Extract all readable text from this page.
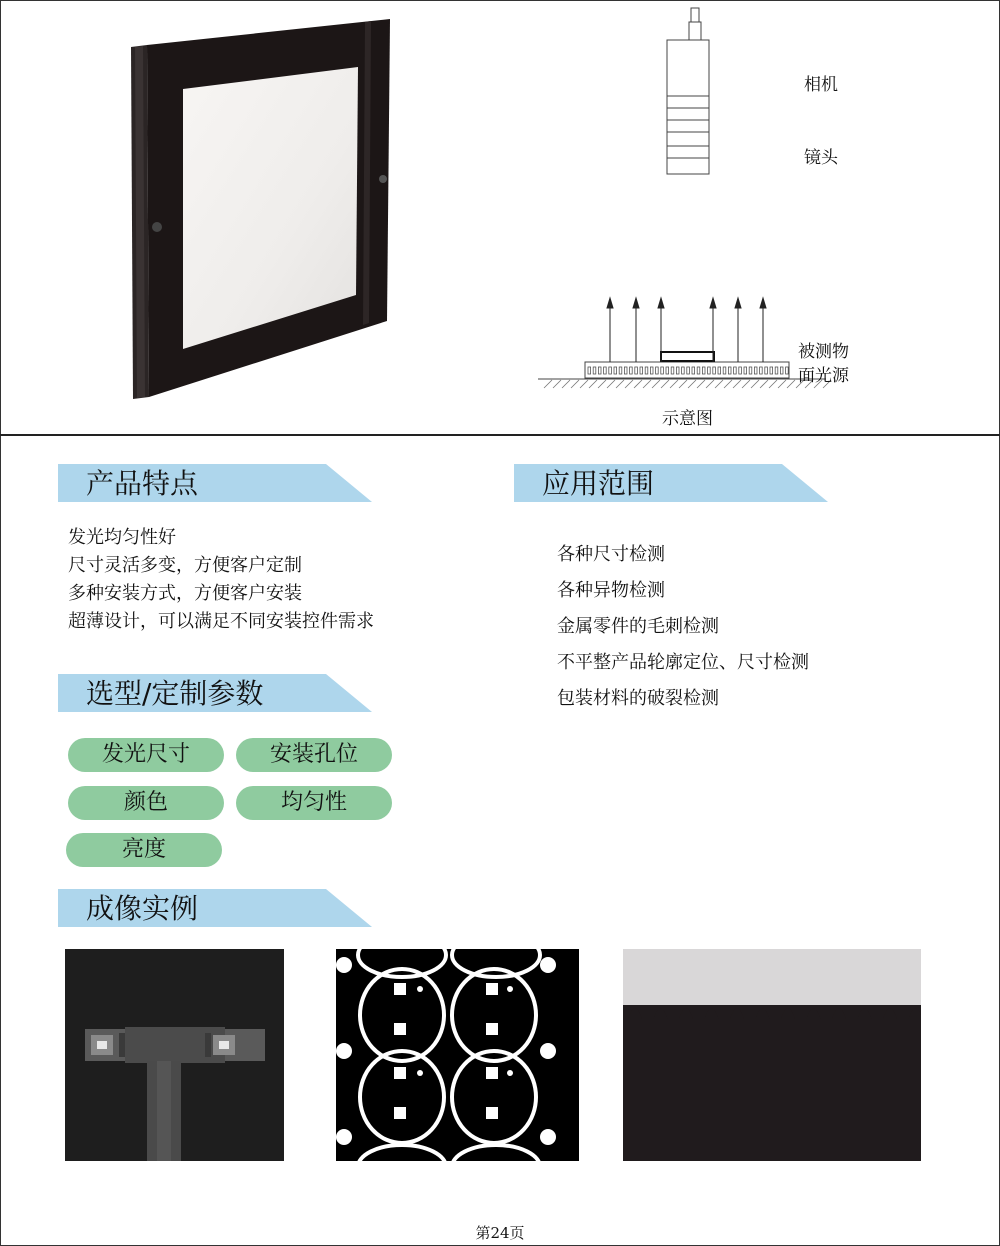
相机
镜头
被测物
面光源
示意图
产品特点	应用范围
发光均匀性好
尺寸灵活多变，方便客户定制
多种安装方式，方便客户安装
超薄设计，可以满足不同安装控件需求
各种尺寸检测
各种异物检测
金属零件的毛刺检测
不平整产品轮廓定位、尺寸检测
包装材料的破裂检测
选型/定制参数
发光尺寸	安装孔位
颜色	均匀性
亮度
成像实例
第24页
